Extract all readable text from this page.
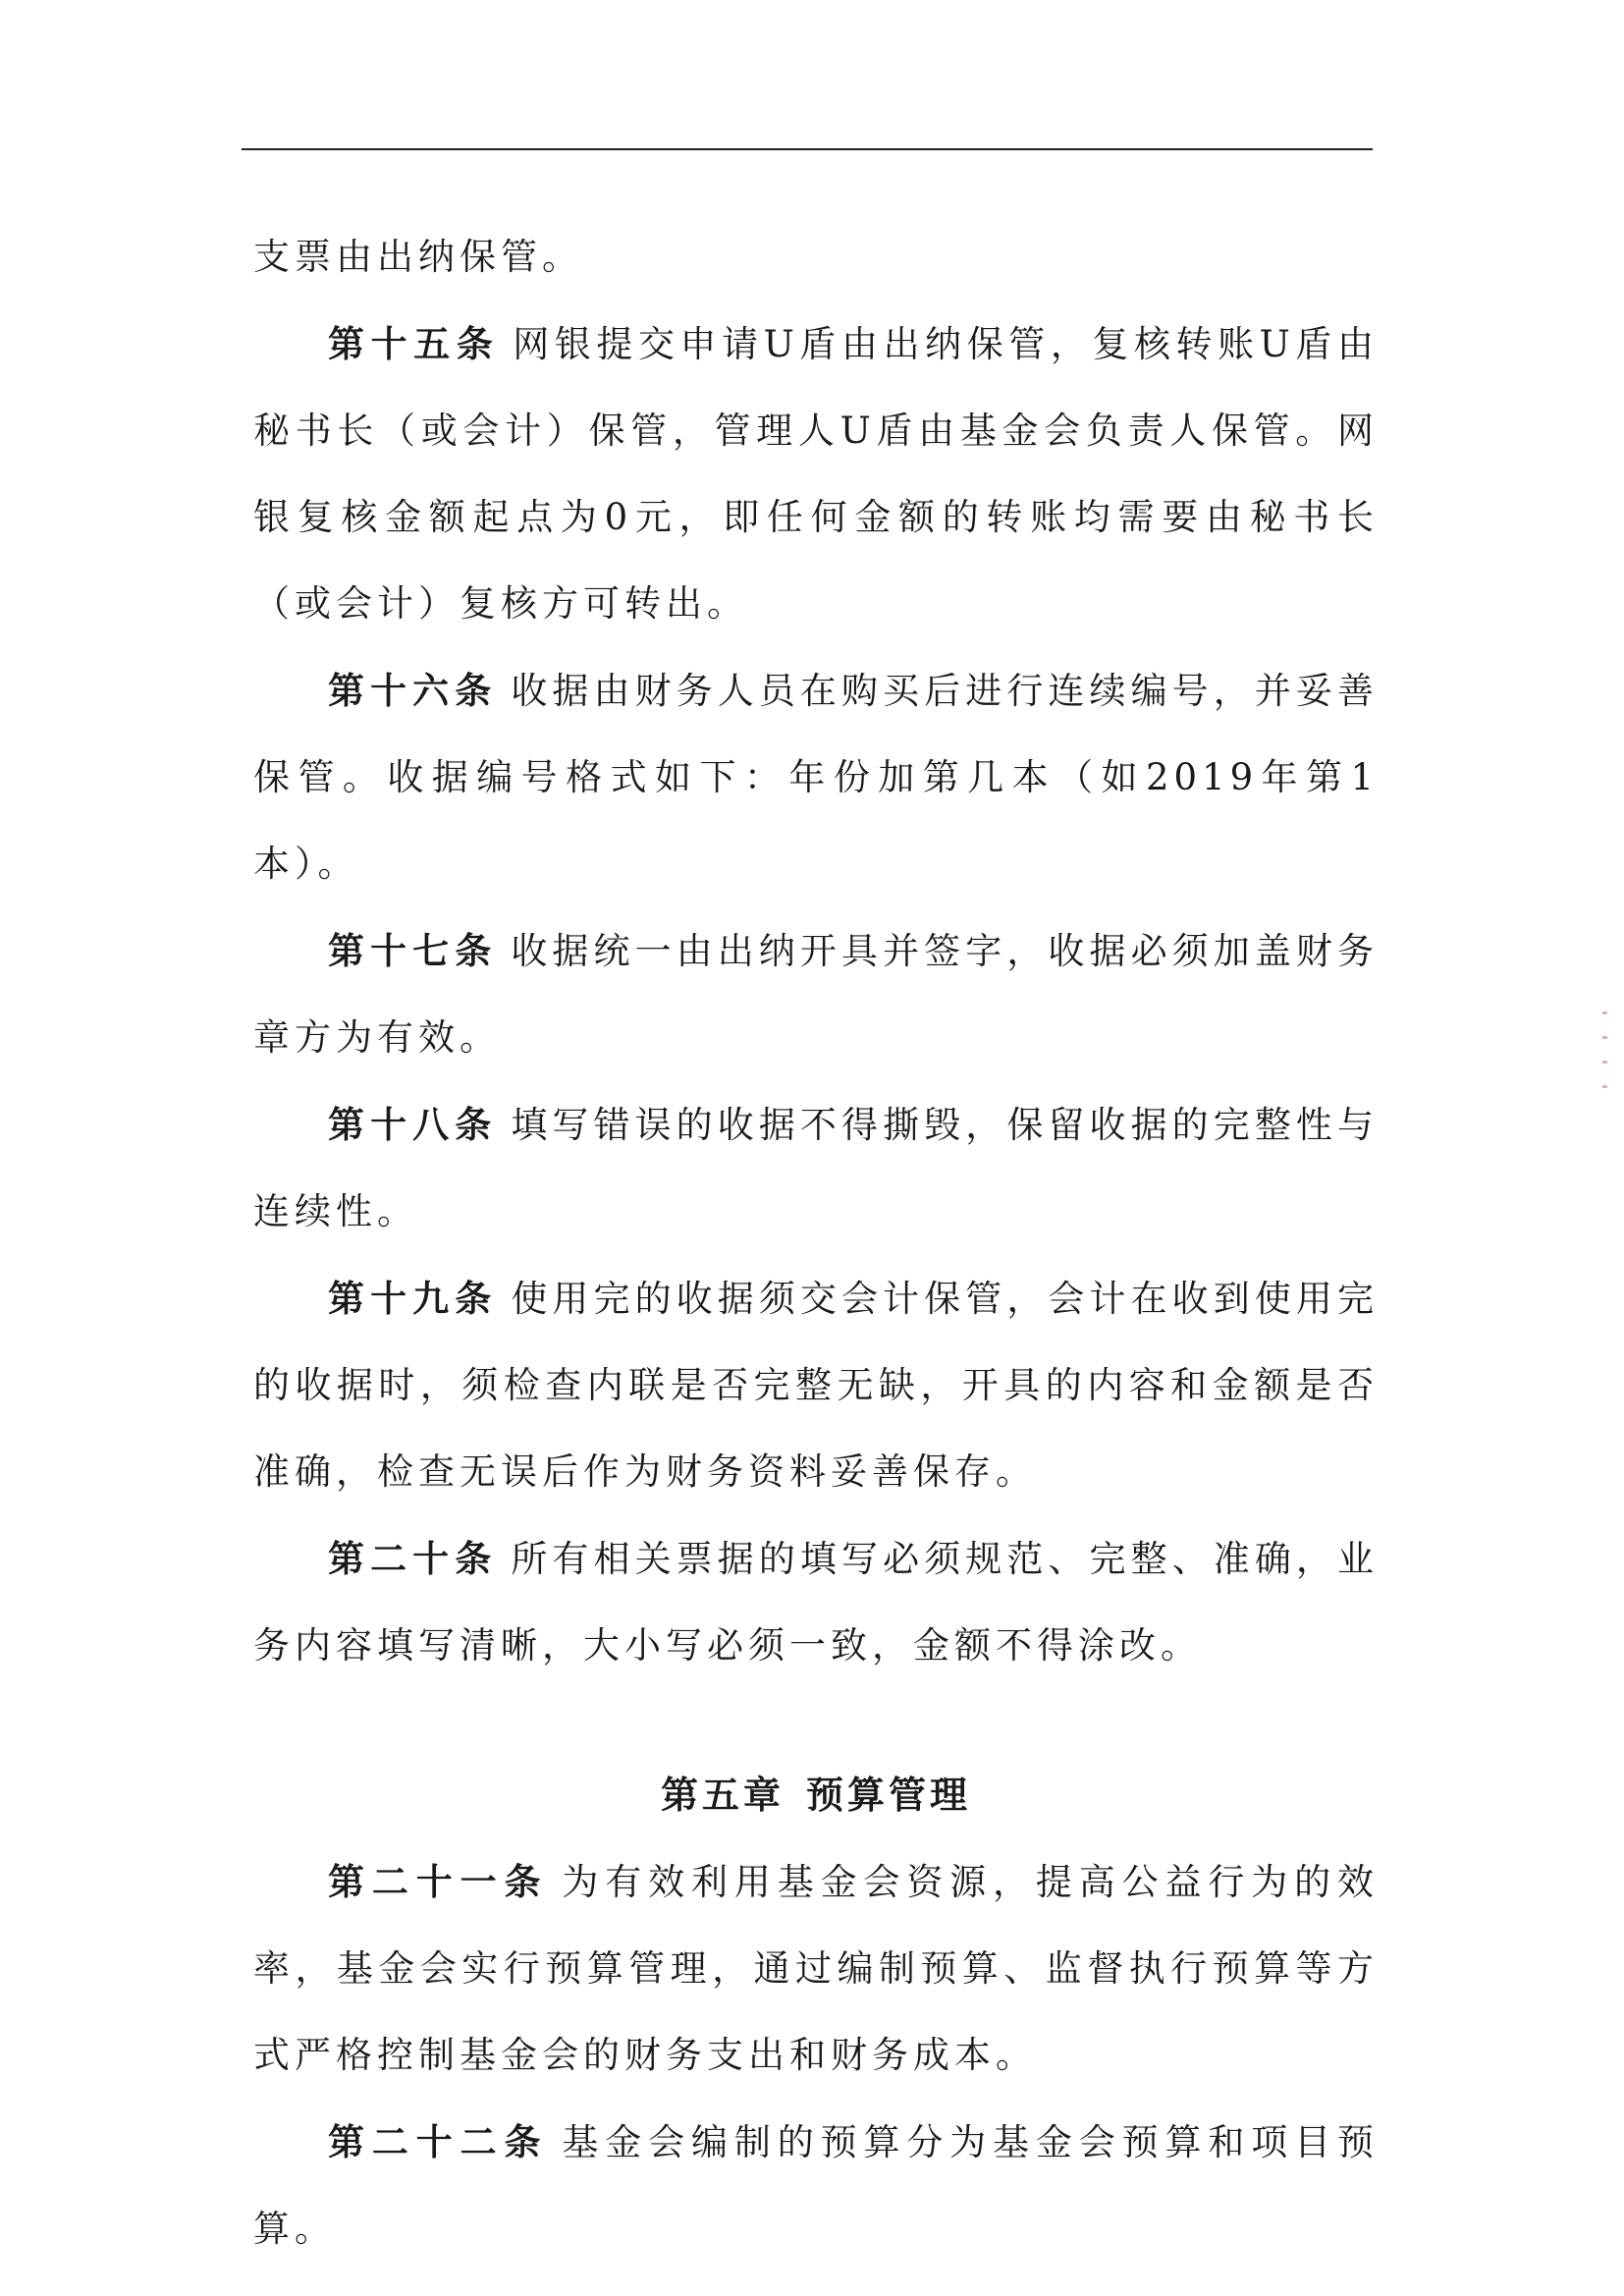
支票由出纳保管。

第十五条 网银提交申请U盾由出纳保管，复核转账U盾由秘书长（或会计）保管，管理人U盾由基金会负责人保管。网银复核金额起点为0元，即任何金额的转账均需要由秘书长（或会计）复核方可转出。

第十六条 收据由财务人员在购买后进行连续编号，并妥善保管。收据编号格式如下：年份加第几本（如2019年第1本）。

第十七条 收据统一由出纳开具并签字，收据必须加盖财务章方为有效。

第十八条 填写错误的收据不得撕毁，保留收据的完整性与连续性。

第十九条 使用完的收据须交会计保管，会计在收到使用完的收据时，须检查内联是否完整无缺，开具的内容和金额是否准确，检查无误后作为财务资料妥善保存。

第二十条 所有相关票据的填写必须规范、完整、准确，业务内容填写清晰，大小写必须一致，金额不得涂改。

第五章 预算管理

第二十一条 为有效利用基金会资源，提高公益行为的效率，基金会实行预算管理，通过编制预算、监督执行预算等方式严格控制基金会的财务支出和财务成本。

第二十二条 基金会编制的预算分为基金会预算和项目预算。
